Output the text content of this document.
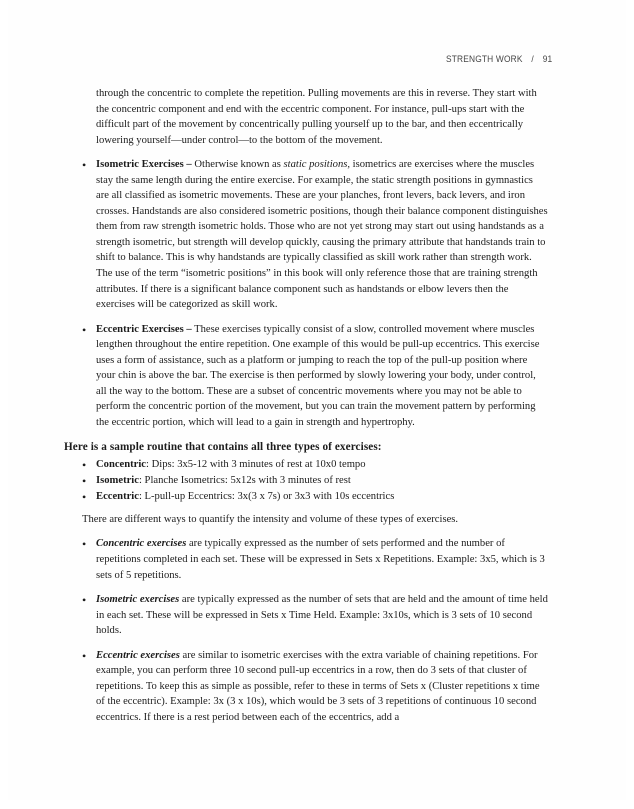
STRENGTH WORK / 91

through the concentric to complete the repetition. Pulling movements are this in reverse. They start with the concentric component and end with the eccentric component. For instance, pull-ups start with the difficult part of the movement by concentrically pulling yourself up to the bar, and then eccentrically lowering yourself—under control—to the bottom of the movement.

• Isometric Exercises – Otherwise known as static positions, isometrics are exercises where the muscles stay the same length during the entire exercise. For example, the static strength positions in gymnastics are all classified as isometric movements. These are your planches, front levers, back levers, and iron crosses. Handstands are also considered isometric positions, though their balance component distinguishes them from raw strength isometric holds. Those who are not yet strong may start out using handstands as a strength isometric, but strength will develop quickly, causing the primary attribute that handstands train to shift to balance. This is why handstands are typically classified as skill work rather than strength work. The use of the term “isometric positions” in this book will only reference those that are training strength attributes. If there is a significant balance component such as handstands or elbow levers then the exercises will be categorized as skill work.
• Eccentric Exercises – These exercises typically consist of a slow, controlled movement where muscles lengthen throughout the entire repetition. One example of this would be pull-up eccentrics. This exercise uses a form of assistance, such as a platform or jumping to reach the top of the pull-up position where your chin is above the bar. The exercise is then performed by slowly lowering your body, under control, all the way to the bottom. These are a subset of concentric movements where you may not be able to perform the concentric portion of the movement, but you can train the movement pattern by performing the eccentric portion, which will lead to a gain in strength and hypertrophy.

Here is a sample routine that contains all three types of exercises:

• Concentric: Dips: 3x5-12 with 3 minutes of rest at 10x0 tempo
• Isometric: Planche Isometrics: 5x12s with 3 minutes of rest
• Eccentric: L-pull-up Eccentrics: 3x(3 x 7s) or 3x3 with 10s eccentrics

There are different ways to quantify the intensity and volume of these types of exercises.

• Concentric exercises are typically expressed as the number of sets performed and the number of repetitions completed in each set. These will be expressed in Sets x Repetitions. Example: 3x5, which is 3 sets of 5 repetitions.
• Isometric exercises are typically expressed as the number of sets that are held and the amount of time held in each set. These will be expressed in Sets x Time Held. Example: 3x10s, which is 3 sets of 10 second holds.
• Eccentric exercises are similar to isometric exercises with the extra variable of chaining repetitions. For example, you can perform three 10 second pull-up eccentrics in a row, then do 3 sets of that cluster of repetitions. To keep this as simple as possible, refer to these in terms of Sets x (Cluster repetitions x time of the eccentric). Example: 3x (3 x 10s), which would be 3 sets of 3 repetitions of continuous 10 second eccentrics. If there is a rest period between each of the eccentrics, add a
